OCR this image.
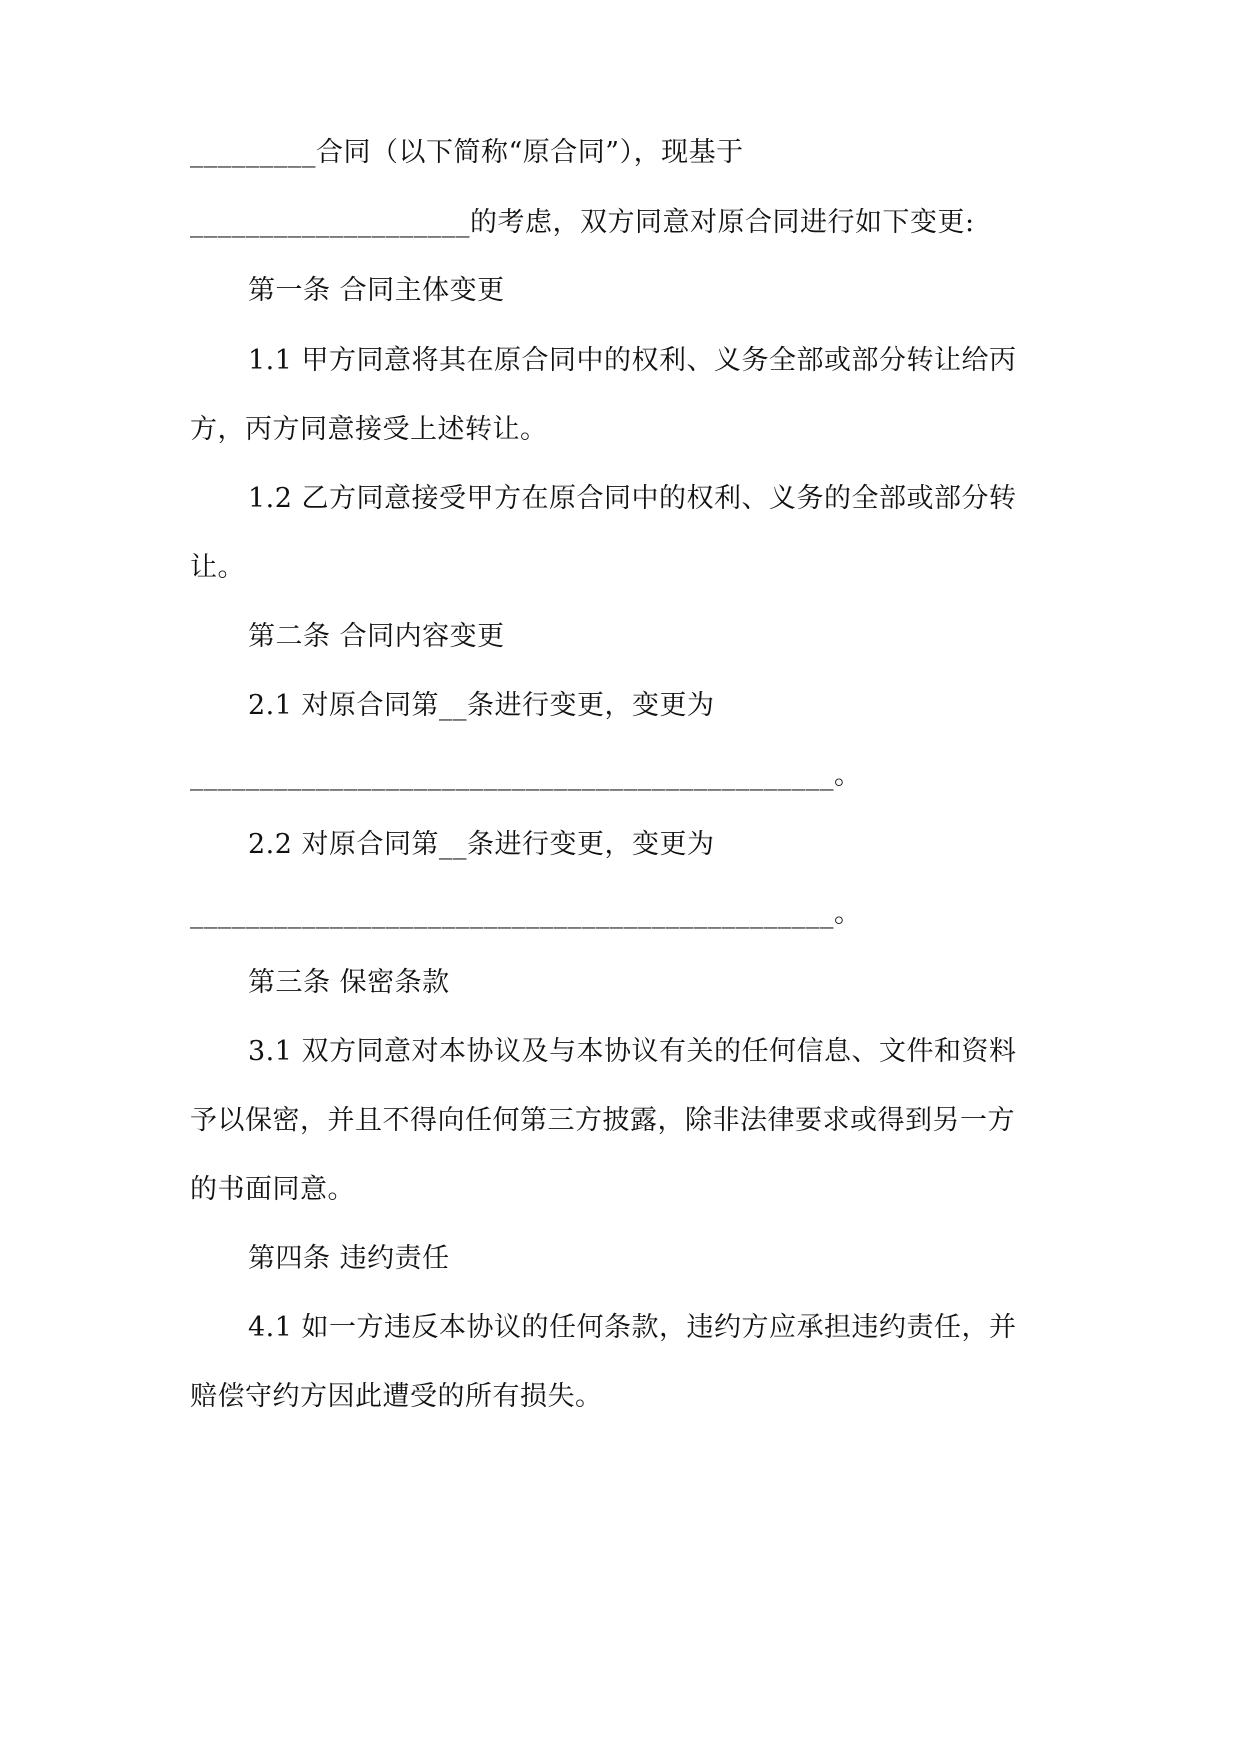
_________合同（以下简称“原合同”），现基于
____________________的考虑，双方同意对原合同进行如下变更:
第一条 合同主体变更
1.1 甲方同意将其在原合同中的权利、义务全部或部分转让给丙
方，丙方同意接受上述转让。
1.2 乙方同意接受甲方在原合同中的权利、义务的全部或部分转
让。
第二条 合同内容变更
2.1 对原合同第__条进行变更，变更为
______________________________________________。
2.2 对原合同第__条进行变更，变更为
______________________________________________。
第三条 保密条款
3.1 双方同意对本协议及与本协议有关的任何信息、文件和资料
予以保密，并且不得向任何第三方披露，除非法律要求或得到另一方
的书面同意。
第四条 违约责任
4.1 如一方违反本协议的任何条款，违约方应承担违约责任，并
赔偿守约方因此遭受的所有损失。
